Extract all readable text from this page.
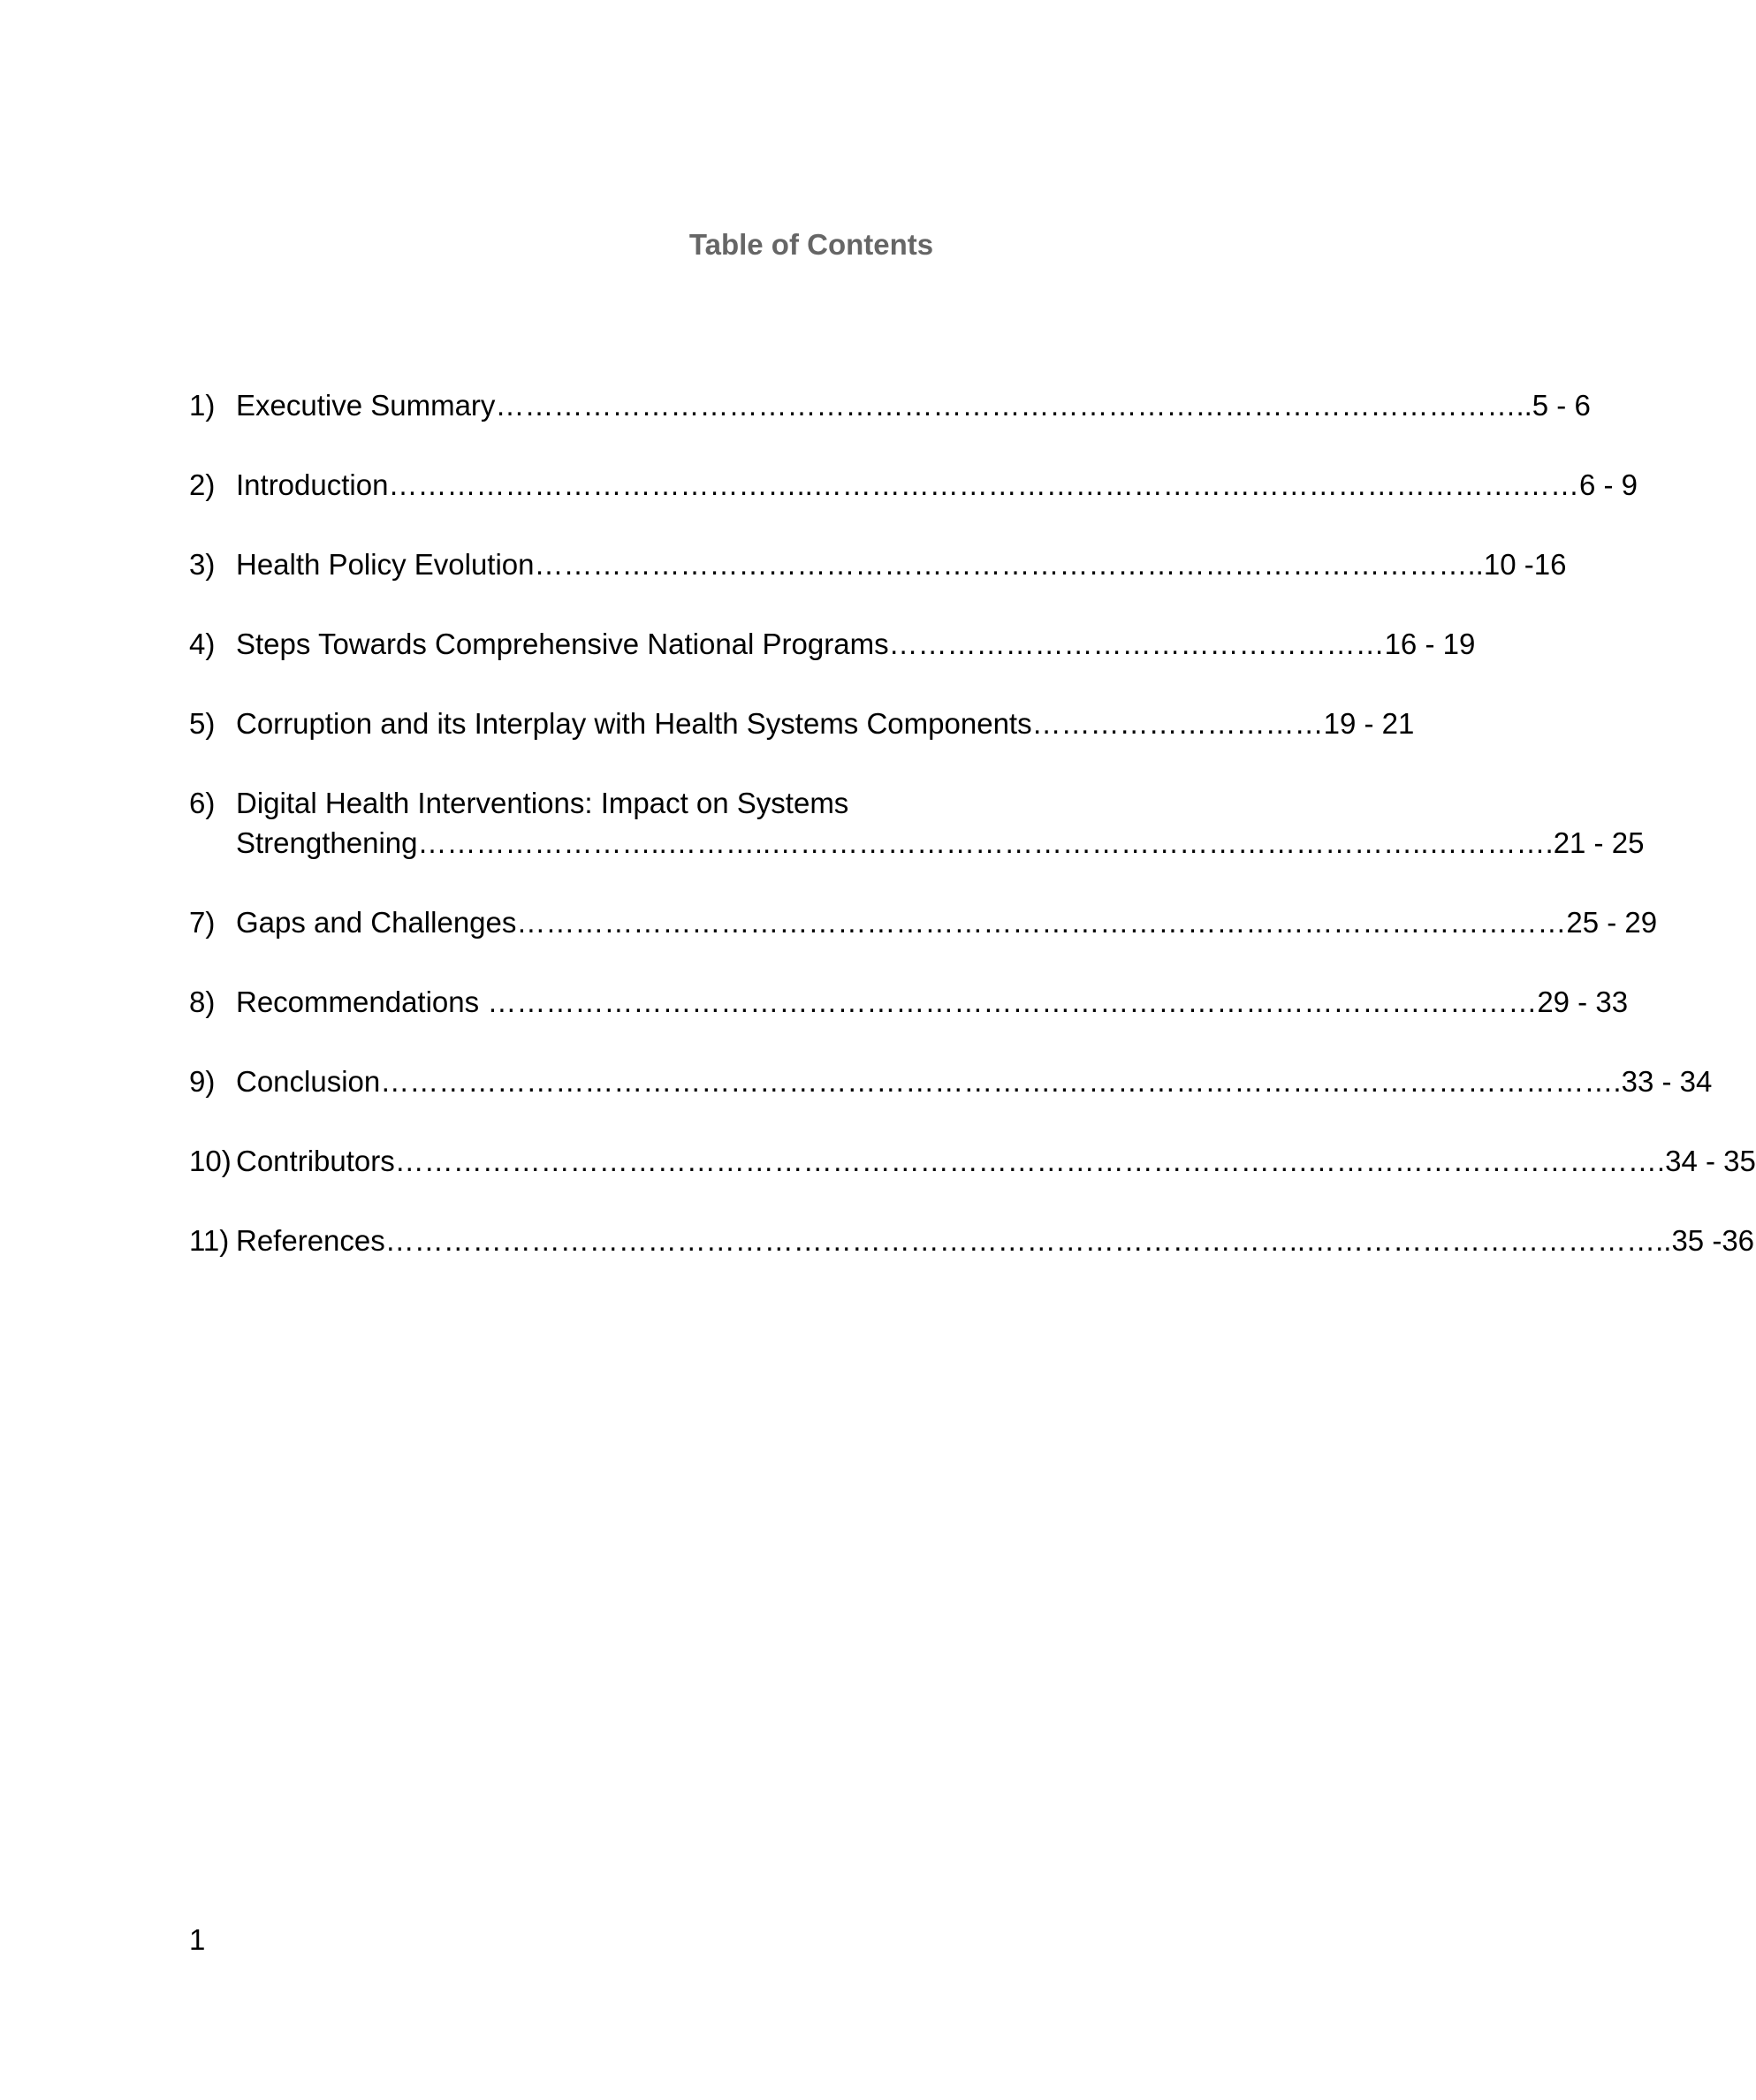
Table of Contents
1) Executive Summary……………………………………………………………………………………………..5 - 6
2) Introduction……………………………………..……………………………………………………………….……6 - 9
3) Health Policy Evolution……………………………………………………………………………………..10 -16
4) Steps Towards Comprehensive National Programs……………………………………………16 - 19
5) Corruption and its Interplay with Health Systems Components…………………………19 - 21
6) Digital Health Interventions: Impact on Systems
Strengthening……………………..………..…………………………………………………………..………….21 - 25
7) Gaps and Challenges………………………………………………………………………………………………25 - 29
8) Recommendations ………………………………………………………………………………………………29 - 33
9) Conclusion…………………………………………………………….………………………………………………….33 - 34
10) Contributors………………………………………………………………………………….……………………………….34 - 35
11) References…………………………………………………………………………………..………………………………..35 -36
1
